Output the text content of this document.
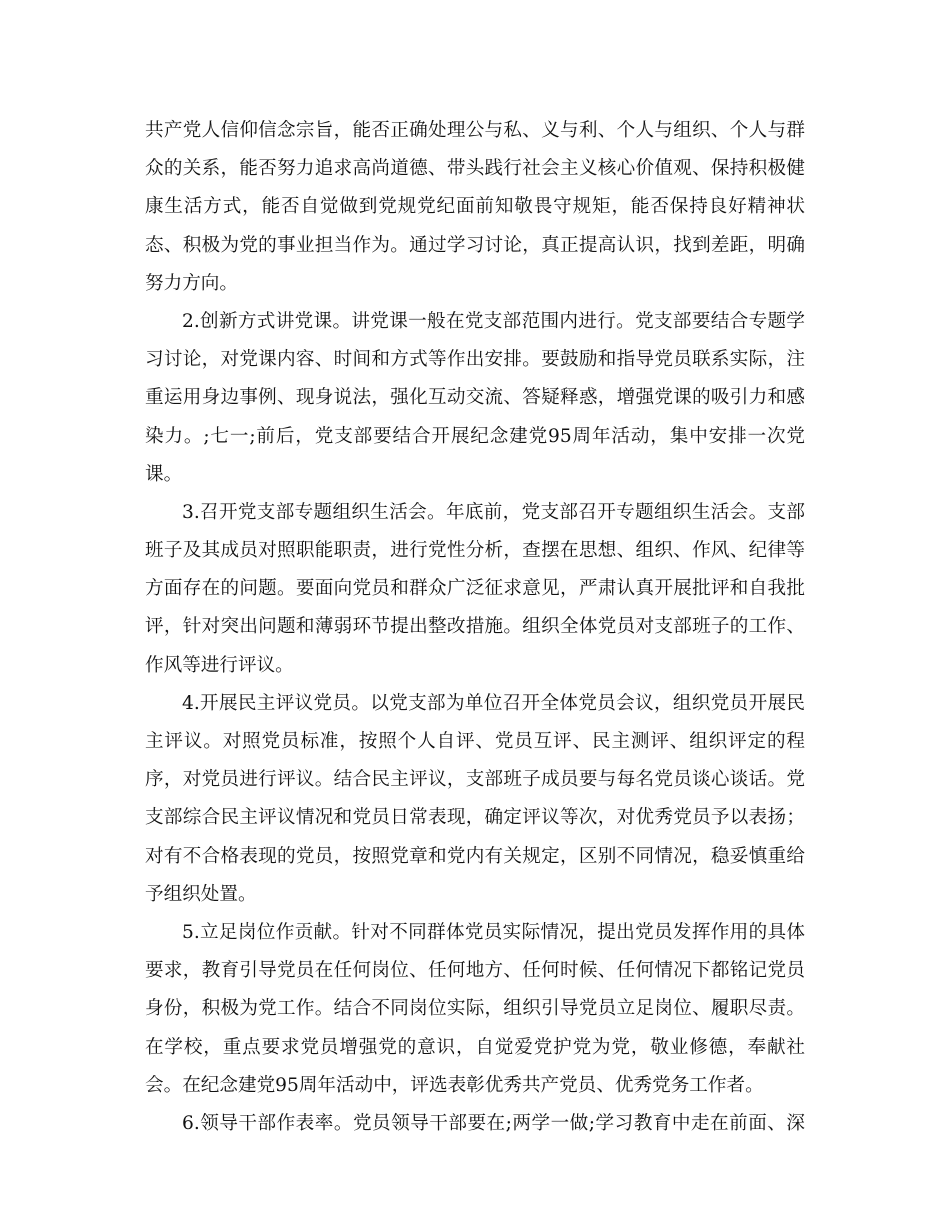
共产党人信仰信念宗旨，能否正确处理公与私、义与利、个人与组织、个人与群
众的关系，能否努力追求高尚道德、带头践行社会主义核心价值观、保持积极健
康生活方式，能否自觉做到党规党纪面前知敬畏守规矩，能否保持良好精神状
态、积极为党的事业担当作为。通过学习讨论，真正提高认识，找到差距，明确
努力方向。
2.创新方式讲党课。讲党课一般在党支部范围内进行。党支部要结合专题学
习讨论，对党课内容、时间和方式等作出安排。要鼓励和指导党员联系实际，注
重运用身边事例、现身说法，强化互动交流、答疑释惑，增强党课的吸引力和感
染力。;七一;前后，党支部要结合开展纪念建党95周年活动，集中安排一次党
课。
3.召开党支部专题组织生活会。年底前，党支部召开专题组织生活会。支部
班子及其成员对照职能职责，进行党性分析，查摆在思想、组织、作风、纪律等
方面存在的问题。要面向党员和群众广泛征求意见，严肃认真开展批评和自我批
评，针对突出问题和薄弱环节提出整改措施。组织全体党员对支部班子的工作、
作风等进行评议。
4.开展民主评议党员。以党支部为单位召开全体党员会议，组织党员开展民
主评议。对照党员标准，按照个人自评、党员互评、民主测评、组织评定的程
序，对党员进行评议。结合民主评议，支部班子成员要与每名党员谈心谈话。党
支部综合民主评议情况和党员日常表现，确定评议等次，对优秀党员予以表扬；
对有不合格表现的党员，按照党章和党内有关规定，区别不同情况，稳妥慎重给
予组织处置。
5.立足岗位作贡献。针对不同群体党员实际情况，提出党员发挥作用的具体
要求，教育引导党员在任何岗位、任何地方、任何时候、任何情况下都铭记党员
身份，积极为党工作。结合不同岗位实际，组织引导党员立足岗位、履职尽责。
在学校，重点要求党员增强党的意识，自觉爱党护党为党，敬业修德，奉献社
会。在纪念建党95周年活动中，评选表彰优秀共产党员、优秀党务工作者。
6.领导干部作表率。党员领导干部要在;两学一做;学习教育中走在前面、深
